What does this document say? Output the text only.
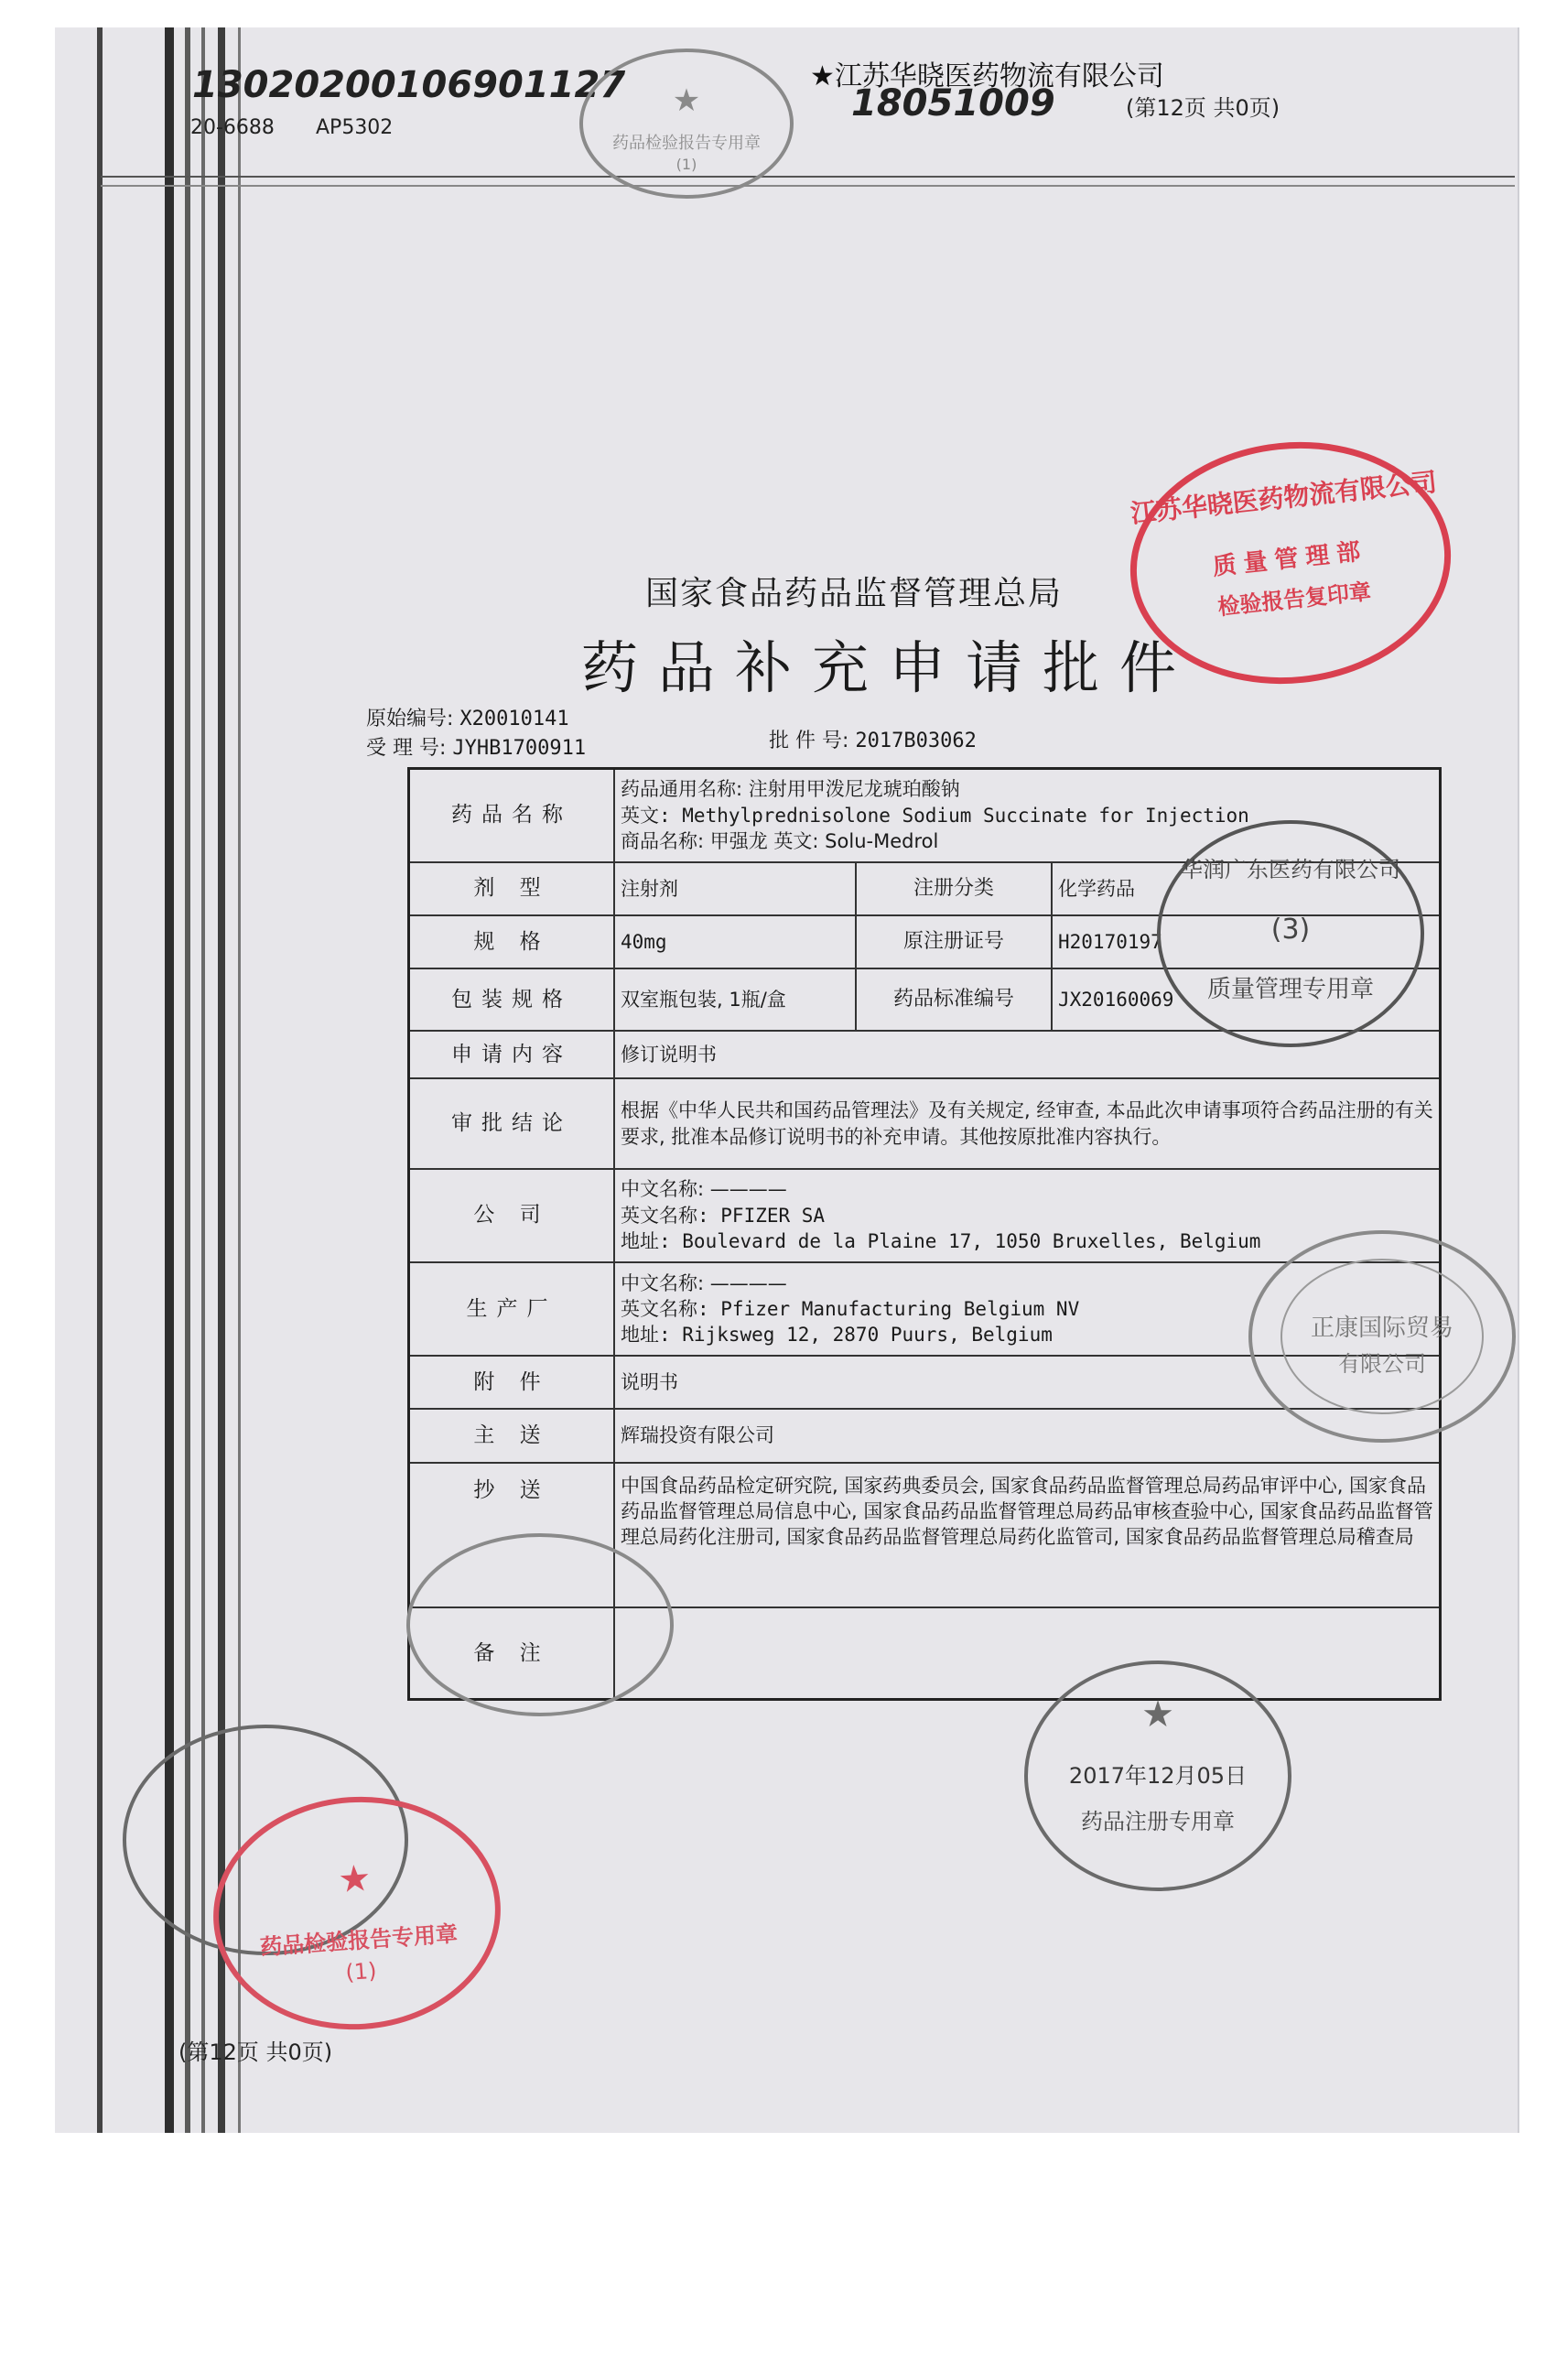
13020200106901127
20-6688 AP5302
★江苏华晓医药物流有限公司
18051009	(第12页 共0页)
国家食品药品监督管理总局
药品补充申请批件
原始编号: X20010141
受 理 号: JYHB1700911	批 件 号: 2017B03062
药品名称	药品通用名称: 注射用甲泼尼龙琥珀酸钠
英文: Methylprednisolone Sodium Succinate for Injection
商品名称: 甲强龙 英文: Solu-Medrol		

剂 型	注射剂	注册分类	化学药品
规 格	40mg	原注册证号	H20170197
包装规格	双室瓶包装, 1瓶/盒	药品标准编号	JX20160069
申请内容	修订说明书		
审批结论	根据《中华人民共和国药品管理法》及有关规定, 经审查, 本品此次申请事项符合药品注册的有关要求, 批准本品修订说明书的补充申请。其他按原批准内容执行。		
公 司	中文名称: ————
英文名称: PFIZER SA
地址: Boulevard de la Plaine 17, 1050 Bruxelles, Belgium		

生产厂	中文名称: ————
英文名称: Pfizer Manufacturing Belgium NV
地址: Rijksweg 12, 2870 Puurs, Belgium		

附 件	说明书		
主 送	辉瑞投资有限公司		
抄 送	中国食品药品检定研究院, 国家药典委员会, 国家食品药品监督管理总局药品审评中心, 国家食品药品监督管理总局信息中心, 国家食品药品监督管理总局药品审核查验中心, 国家食品药品监督管理总局药化注册司, 国家食品药品监督管理总局药化监管司, 国家食品药品监督管理总局稽查局		
备 注			
★
药品检验报告专用章
(1)
江苏华晓医药物流有限公司
质量管理部
检验报告复印章
华润广东医药有限公司
(3)
质量管理专用章
正康国际贸易
有限公司
★
2017年12月05日
药品注册专用章
★
药品检验报告专用章
(1)
(第12页 共0页)
